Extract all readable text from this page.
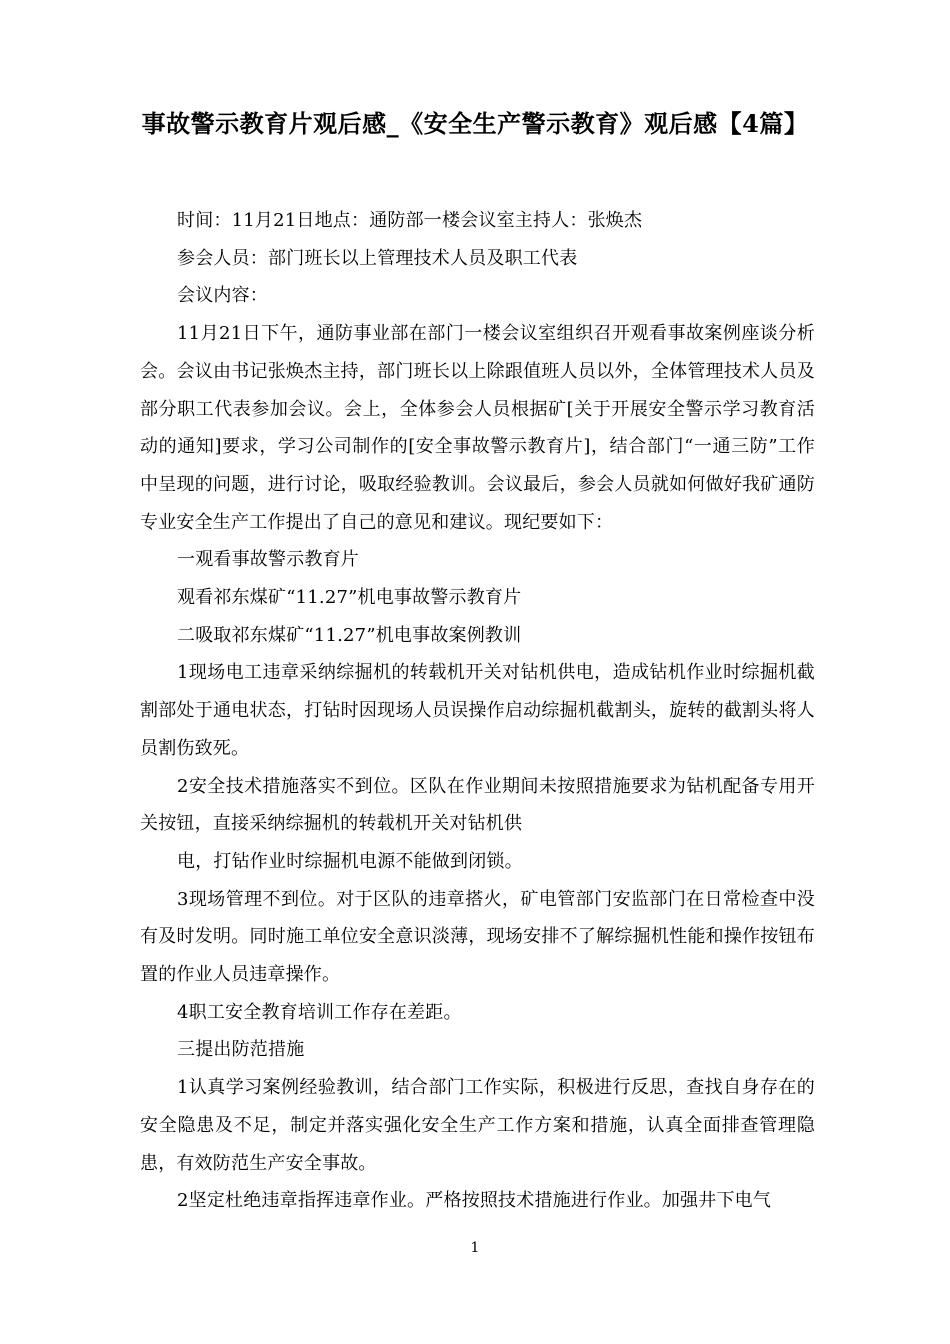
事故警示教育片观后感_《安全生产警示教育》观后感【4篇】

时间：11月21日地点：通防部一楼会议室主持人：张焕杰

参会人员：部门班长以上管理技术人员及职工代表

会议内容：

11月21日下午，通防事业部在部门一楼会议室组织召开观看事故案例座谈分析会。会议由书记张焕杰主持，部门班长以上除跟值班人员以外，全体管理技术人员及部分职工代表参加会议。会上，全体参会人员根据矿[关于开展安全警示学习教育活动的通知]要求，学习公司制作的[安全事故警示教育片]，结合部门“一通三防”工作中呈现的问题，进行讨论，吸取经验教训。会议最后，参会人员就如何做好我矿通防专业安全生产工作提出了自己的意见和建议。现纪要如下：

一观看事故警示教育片

观看祁东煤矿“11.27”机电事故警示教育片

二吸取祁东煤矿“11.27”机电事故案例教训

1现场电工违章采纳综掘机的转载机开关对钻机供电，造成钻机作业时综掘机截割部处于通电状态，打钻时因现场人员误操作启动综掘机截割头，旋转的截割头将人员割伤致死。

2安全技术措施落实不到位。区队在作业期间未按照措施要求为钻机配备专用开关按钮，直接采纳综掘机的转载机开关对钻机供

电，打钻作业时综掘机电源不能做到闭锁。

3现场管理不到位。对于区队的违章搭火，矿电管部门安监部门在日常检查中没有及时发明。同时施工单位安全意识淡薄，现场安排不了解综掘机性能和操作按钮布置的作业人员违章操作。

4职工安全教育培训工作存在差距。

三提出防范措施

1认真学习案例经验教训，结合部门工作实际，积极进行反思，查找自身存在的安全隐患及不足，制定并落实强化安全生产工作方案和措施，认真全面排查管理隐患，有效防范生产安全事故。

2坚定杜绝违章指挥违章作业。严格按照技术措施进行作业。加强井下电气

1
